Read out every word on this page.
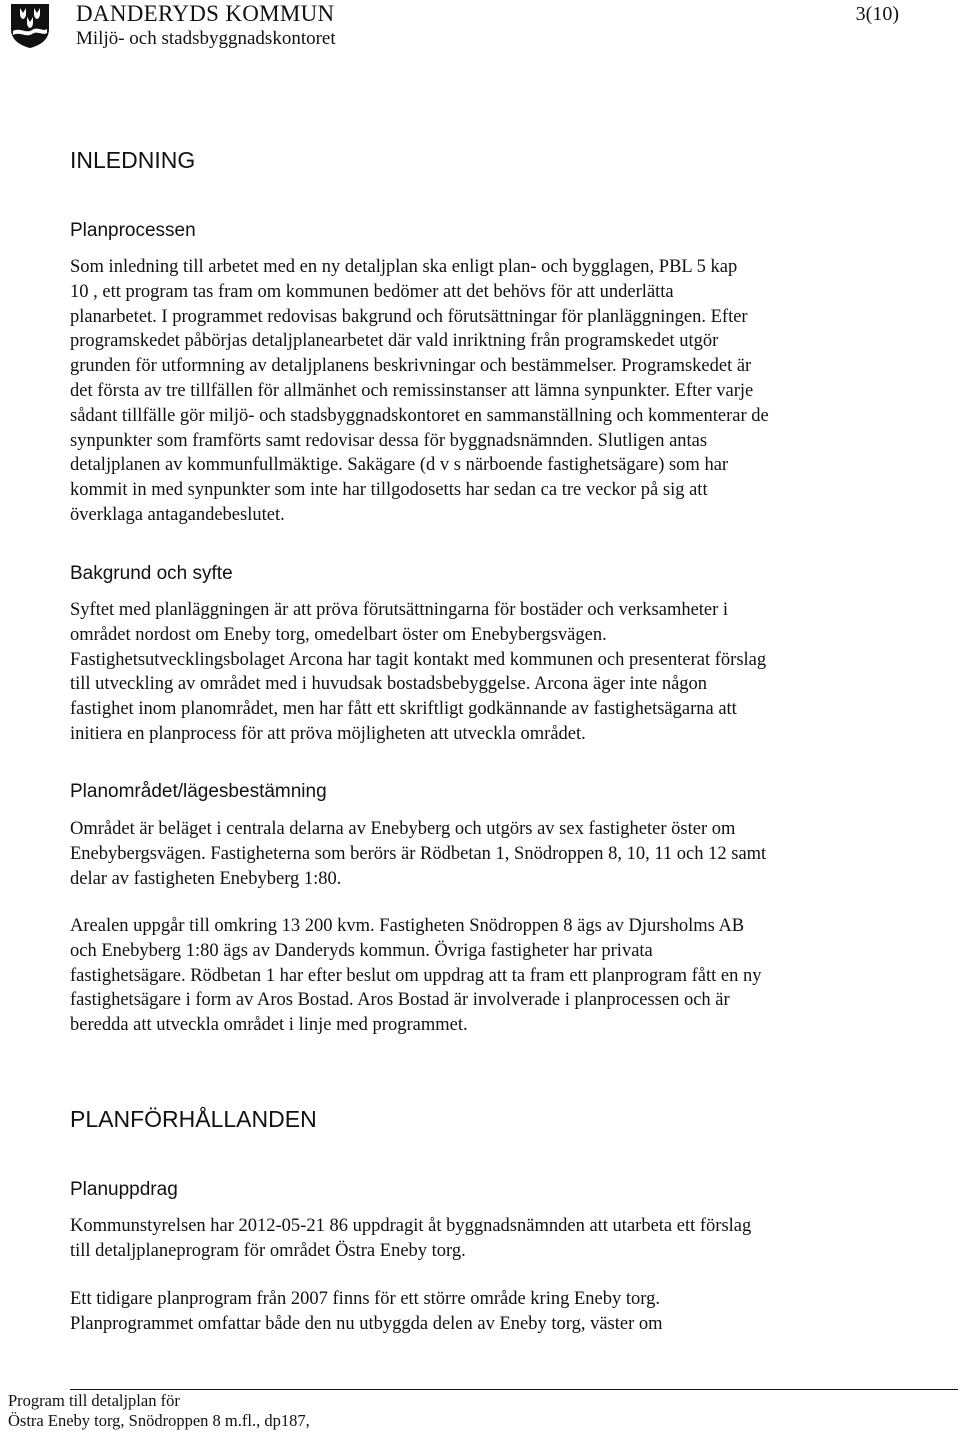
DANDERYDS KOMMUN
Miljö- och stadsbyggnadskontoret
3(10)
INLEDNING
Planprocessen
Som inledning till arbetet med en ny detaljplan ska enligt plan- och bygglagen, PBL 5 kap
10 , ett program tas fram om kommunen bedömer att det behövs för att underlätta
planarbetet. I programmet redovisas bakgrund och förutsättningar för planläggningen. Efter
programskedet påbörjas detaljplanearbetet där vald inriktning från programskedet utgör
grunden för utformning av detaljplanens beskrivningar och bestämmelser. Programskedet är
det första av tre tillfällen för allmänhet och remissinstanser att lämna synpunkter. Efter varje
sådant tillfälle gör miljö- och stadsbyggnadskontoret en sammanställning och kommenterar de
synpunkter som framförts samt redovisar dessa för byggnadsnämnden. Slutligen antas
detaljplanen av kommunfullmäktige. Sakägare (d v s närboende fastighetsägare) som har
kommit in med synpunkter som inte har tillgodosetts har sedan ca tre veckor på sig att
överklaga antagandebeslutet.
Bakgrund och syfte
Syftet med planläggningen är att pröva förutsättningarna för bostäder och verksamheter i
området nordost om Eneby torg, omedelbart öster om Enebybergsvägen.
Fastighetsutvecklingsbolaget Arcona har tagit kontakt med kommunen och presenterat förslag
till utveckling av området med i huvudsak bostadsbebyggelse. Arcona äger inte någon
fastighet inom planområdet, men har fått ett skriftligt godkännande av fastighetsägarna att
initiera en planprocess för att pröva möjligheten att utveckla området.
Planområdet/lägesbestämning
Området är beläget i centrala delarna av Enebyberg och utgörs av sex fastigheter öster om
Enebybergsvägen. Fastigheterna som berörs är Rödbetan 1, Snödroppen 8, 10, 11 och 12 samt
delar av fastigheten Enebyberg 1:80.
Arealen uppgår till omkring 13 200 kvm. Fastigheten Snödroppen 8 ägs av Djursholms AB
och Enebyberg 1:80 ägs av Danderyds kommun. Övriga fastigheter har privata
fastighetsägare. Rödbetan 1 har efter beslut om uppdrag att ta fram ett planprogram fått en ny
fastighetsägare i form av Aros Bostad. Aros Bostad är involverade i planprocessen och är
beredda att utveckla området i linje med programmet.
PLANFÖRHÅLLANDEN
Planuppdrag
Kommunstyrelsen har 2012-05-21 86 uppdragit åt byggnadsnämnden att utarbeta ett förslag
till detaljplaneprogram för området Östra Eneby torg.
Ett tidigare planprogram från 2007 finns för ett större område kring Eneby torg.
Planprogrammet omfattar både den nu utbyggda delen av Eneby torg, väster om
Program till detaljplan för
Östra Eneby torg, Snödroppen 8 m.fl., dp187,
